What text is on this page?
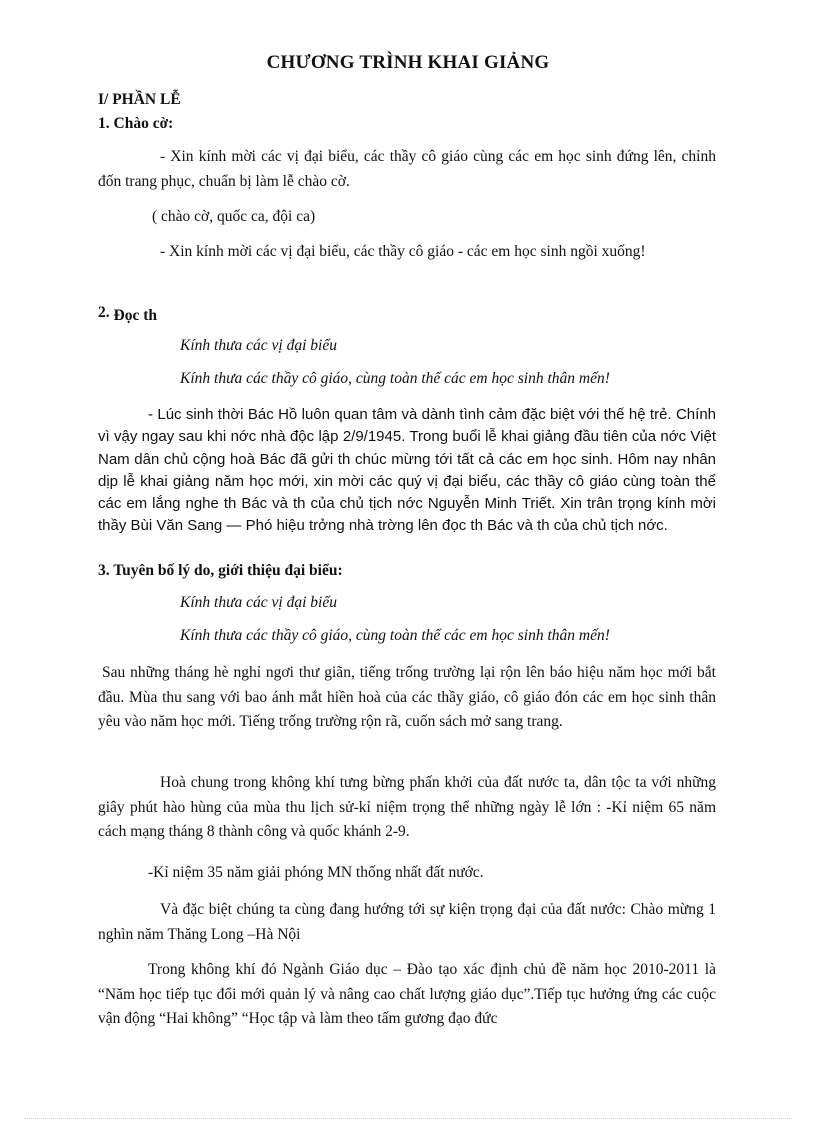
CHƯƠNG TRÌNH KHAI GIẢNG
I/ PHẦN LỄ
1. Chào cờ:
- Xin kính mời các vị đại biểu, các thầy cô giáo cùng các em học sinh đứng lên, chỉnh đốn trang phục, chuẩn bị làm lễ chào cờ.
( chào cờ, quốc ca, đội ca)
- Xin kính mời các vị đại biểu, các thầy cô giáo - các em học sinh ngồi xuống!
2. Đọc th
Kính thưa các vị đại biểu
Kính thưa các thầy cô giáo, cùng toàn thể các em học sinh thân mến!
- Lúc sinh thời Bác Hồ luôn quan tâm và dành tình cảm đặc biệt với thế hệ trẻ. Chính vì vậy ngay sau khi nớc nhà độc lập 2/9/1945. Trong buổi lễ khai giảng đầu tiên của nớc Việt Nam dân chủ cộng hoà Bác đã gửi th chúc mừng tới tất cả các em học sinh. Hôm nay nhân dịp lễ khai giảng năm học mới, xin mời các quý vị đại biểu, các thầy cô giáo cùng toàn thể các em lắng nghe th Bác và th của chủ tịch nớc Nguyễn Minh Triết. Xin trân trọng kính mời thầy Bùi Văn Sang — Phó hiệu trởng nhà trờng lên đọc th Bác và th của chủ tịch nớc.
3. Tuyên bố lý do, giới thiệu đại biểu:
Kính thưa các vị đại biểu
Kính thưa các thầy cô giáo, cùng toàn thể các em học sinh thân mến!
Sau những tháng hè nghỉ ngơi thư giãn, tiếng trống trường lại rộn lên báo hiệu năm học mới bắt đầu. Mùa thu sang với bao ánh mắt hiền hoà của các thầy giáo, cô giáo đón các em học sinh thân yêu vào năm học mới. Tiếng trống trường rộn rã, cuốn sách mở sang trang.
Hoà chung trong không khí tưng bừng phấn khởi của đất nước ta, dân tộc ta với những giây phút hào hùng của mùa thu lịch sử-kỉ niệm trọng thể những ngày lễ lớn : -Kỉ niệm 65 năm cách mạng tháng 8 thành công và quốc khánh 2-9.
-Kỉ niệm 35 năm giải phóng MN thống nhất đất nước.
Và đặc biệt chúng ta cùng đang hướng tới sự kiện trọng đại của đất nước: Chào mừng 1 nghìn năm Thăng Long –Hà Nội
Trong không khí đó Ngành Giáo dục – Đào tạo xác định chủ đề năm học 2010-2011 là “Năm học tiếp tục đổi mới quản lý và nâng cao chất lượng giáo dục”.Tiếp tục hưởng ứng các cuộc vận động “Hai không” “Học tập và làm theo tấm gương đạo đức
